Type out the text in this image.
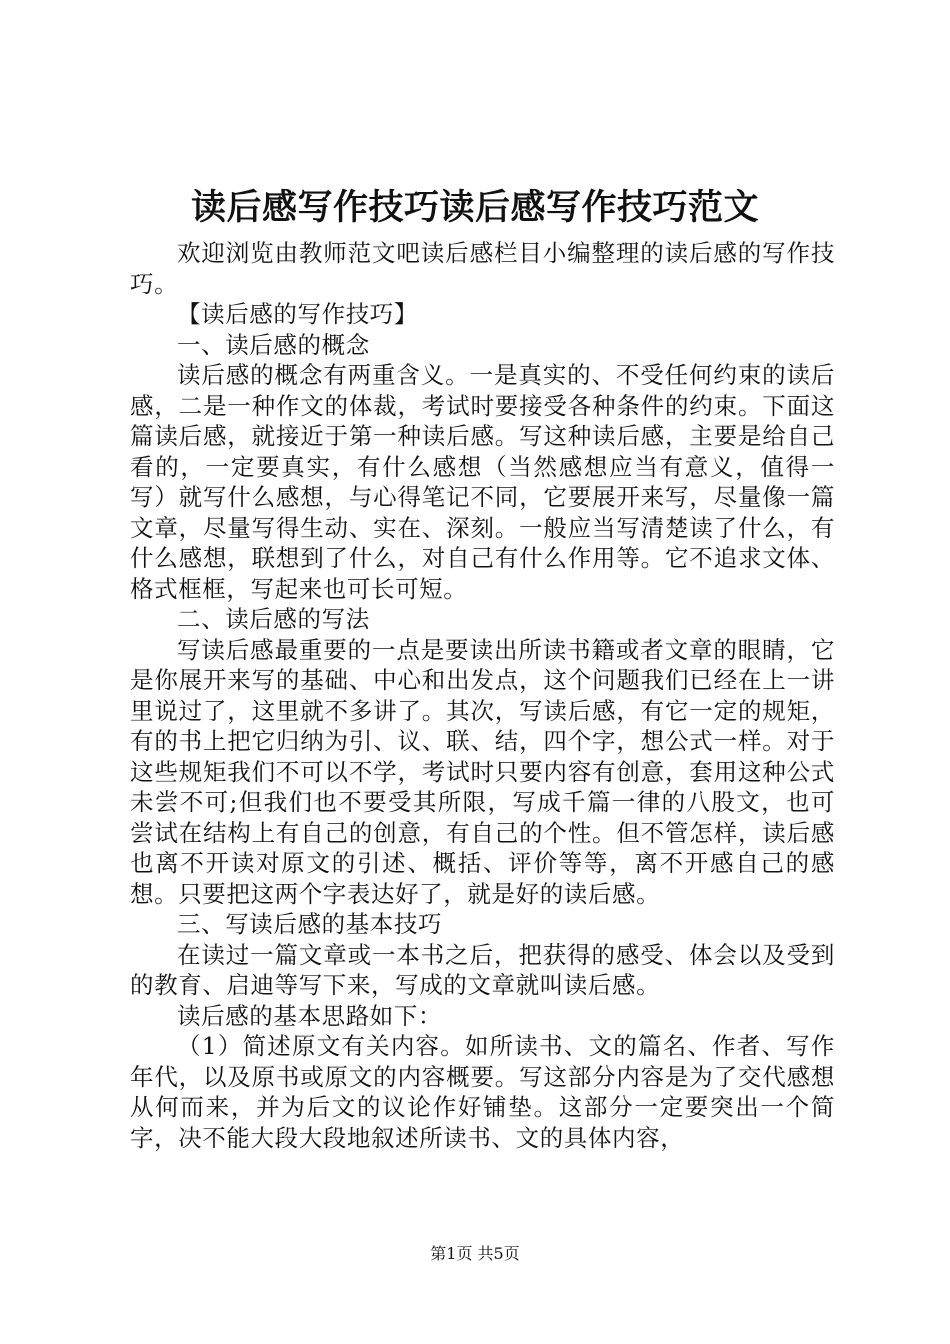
读后感写作技巧读后感写作技巧范文

欢迎浏览由教师范文吧读后感栏目小编整理的读后感的写作技巧。

【读后感的写作技巧】

一、读后感的概念

读后感的概念有两重含义。一是真实的、不受任何约束的读后感，二是一种作文的体裁，考试时要接受各种条件的约束。下面这篇读后感，就接近于第一种读后感。写这种读后感，主要是给自己看的，一定要真实，有什么感想（当然感想应当有意义，值得一写）就写什么感想，与心得笔记不同，它要展开来写，尽量像一篇文章，尽量写得生动、实在、深刻。一般应当写清楚读了什么，有什么感想，联想到了什么，对自己有什么作用等。它不追求文体、格式框框，写起来也可长可短。

二、读后感的写法

写读后感最重要的一点是要读出所读书籍或者文章的眼睛，它是你展开来写的基础、中心和出发点，这个问题我们已经在上一讲里说过了，这里就不多讲了。其次，写读后感，有它一定的规矩，有的书上把它归纳为引、议、联、结，四个字，想公式一样。对于这些规矩我们不可以不学，考试时只要内容有创意，套用这种公式未尝不可;但我们也不要受其所限，写成千篇一律的八股文，也可尝试在结构上有自己的创意，有自己的个性。但不管怎样，读后感也离不开读对原文的引述、概括、评价等等，离不开感自己的感想。只要把这两个字表达好了，就是好的读后感。

三、写读后感的基本技巧

在读过一篇文章或一本书之后，把获得的感受、体会以及受到的教育、启迪等写下来，写成的文章就叫读后感。

读后感的基本思路如下：

（1）简述原文有关内容。如所读书、文的篇名、作者、写作年代，以及原书或原文的内容概要。写这部分内容是为了交代感想从何而来，并为后文的议论作好铺垫。这部分一定要突出一个简字，决不能大段大段地叙述所读书、文的具体内容，

第1页 共5页
